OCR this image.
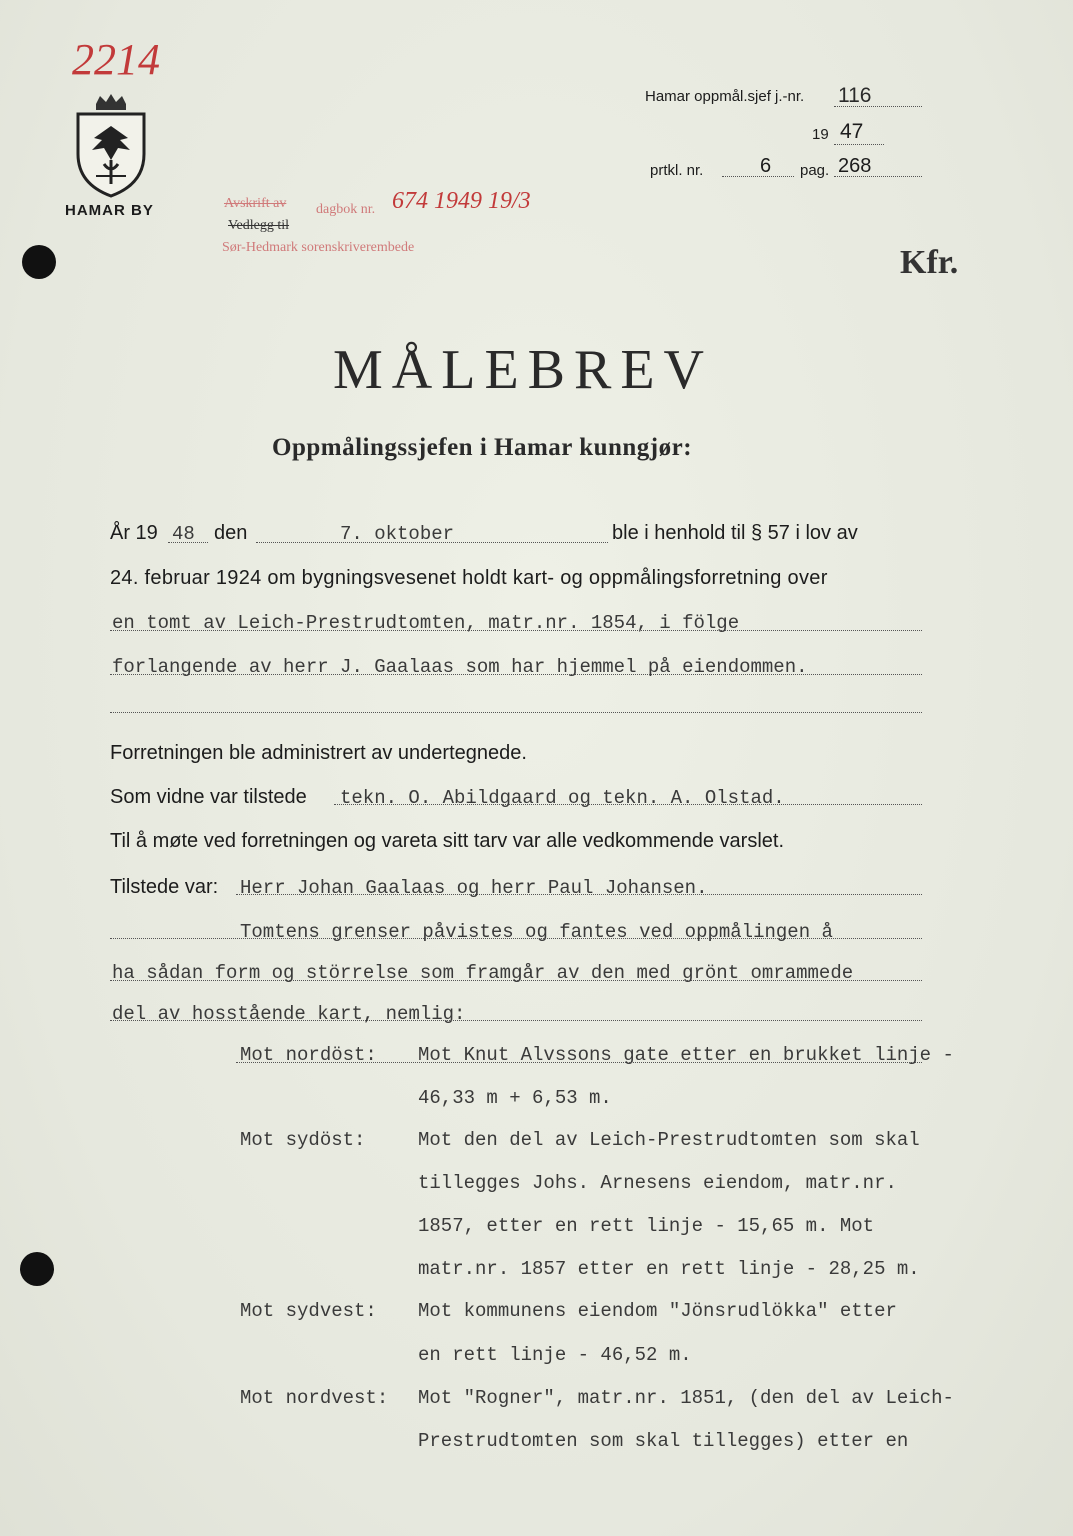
2214
HAMAR BY
Hamar oppmål.sjef j.-nr. 116
19 47
prtkl. nr.	6 pag. 268
Avskrift av dagbok nr. 674 1949 19/3
Vedlegg til
Sør-Hedmark sorenskriverembede	Kfr.
MÅLEBREV
Oppmålingssjefen i Hamar kunngjør:
År 19 48 den	7. oktober	ble i henhold til § 57 i lov av
24. februar 1924 om bygningsvesenet holdt kart- og oppmålingsforretning over
en tomt av Leich-Prestrudtomten, matr.nr. 1854, i fölge
forlangende av herr J. Gaalaas som har hjemmel på eiendommen.
Forretningen ble administrert av undertegnede.
Som vidne var tilstede tekn. O. Abildgaard og tekn. A. Olstad.
Til å møte ved forretningen og vareta sitt tarv var alle vedkommende varslet.
Tilstede var: Herr Johan Gaalaas og herr Paul Johansen.
Tomtens grenser påvistes og fantes ved oppmålingen å
ha sådan form og störrelse som framgår av den med grönt omrammede
del av hosstående kart, nemlig:
Mot nordöst: Mot Knut Alvssons gate etter en brukket linje -
46,33 m + 6,53 m.
Mot sydöst:	Mot den del av Leich-Prestrudtomten som skal
tillegges Johs. Arnesens eiendom, matr.nr.
1857, etter en rett linje - 15,65 m. Mot
matr.nr. 1857 etter en rett linje - 28,25 m.
Mot sydvest: Mot kommunens eiendom "Jönsrudlökka" etter
en rett linje - 46,52 m.
Mot nordvest: Mot "Rogner", matr.nr. 1851, (den del av Leich-
Prestrudtomten som skal tillegges) etter en
